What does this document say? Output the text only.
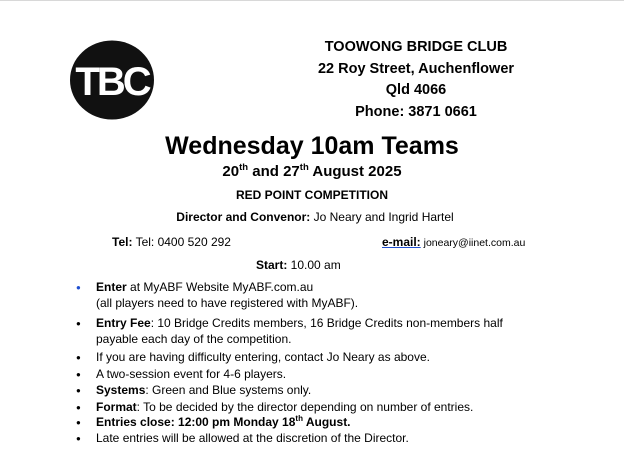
TBC
TOOWONG BRIDGE CLUB
22 Roy Street, Auchenflower
Qld 4066
Phone: 3871 0661
Wednesday 10am Teams
20th and 27th August 2025
RED POINT COMPETITION
Director and Convenor: Jo Neary and Ingrid Hartel
Tel: Tel: 0400 520 292	e-mail: joneary@iinet.com.au
Start: 10.00 am
● Enter at MyABF Website MyABF.com.au
(all players need to have registered with MyABF).
● Entry Fee: 10 Bridge Credits members, 16 Bridge Credits non-members half
payable each day of the competition.
● If you are having difficulty entering, contact Jo Neary as above.
● A two-session event for 4-6 players.
● Systems: Green and Blue systems only.
● Format: To be decided by the director depending on number of entries.
● Entries close: 12:00 pm Monday 18th August.
● Late entries will be allowed at the discretion of the Director.
